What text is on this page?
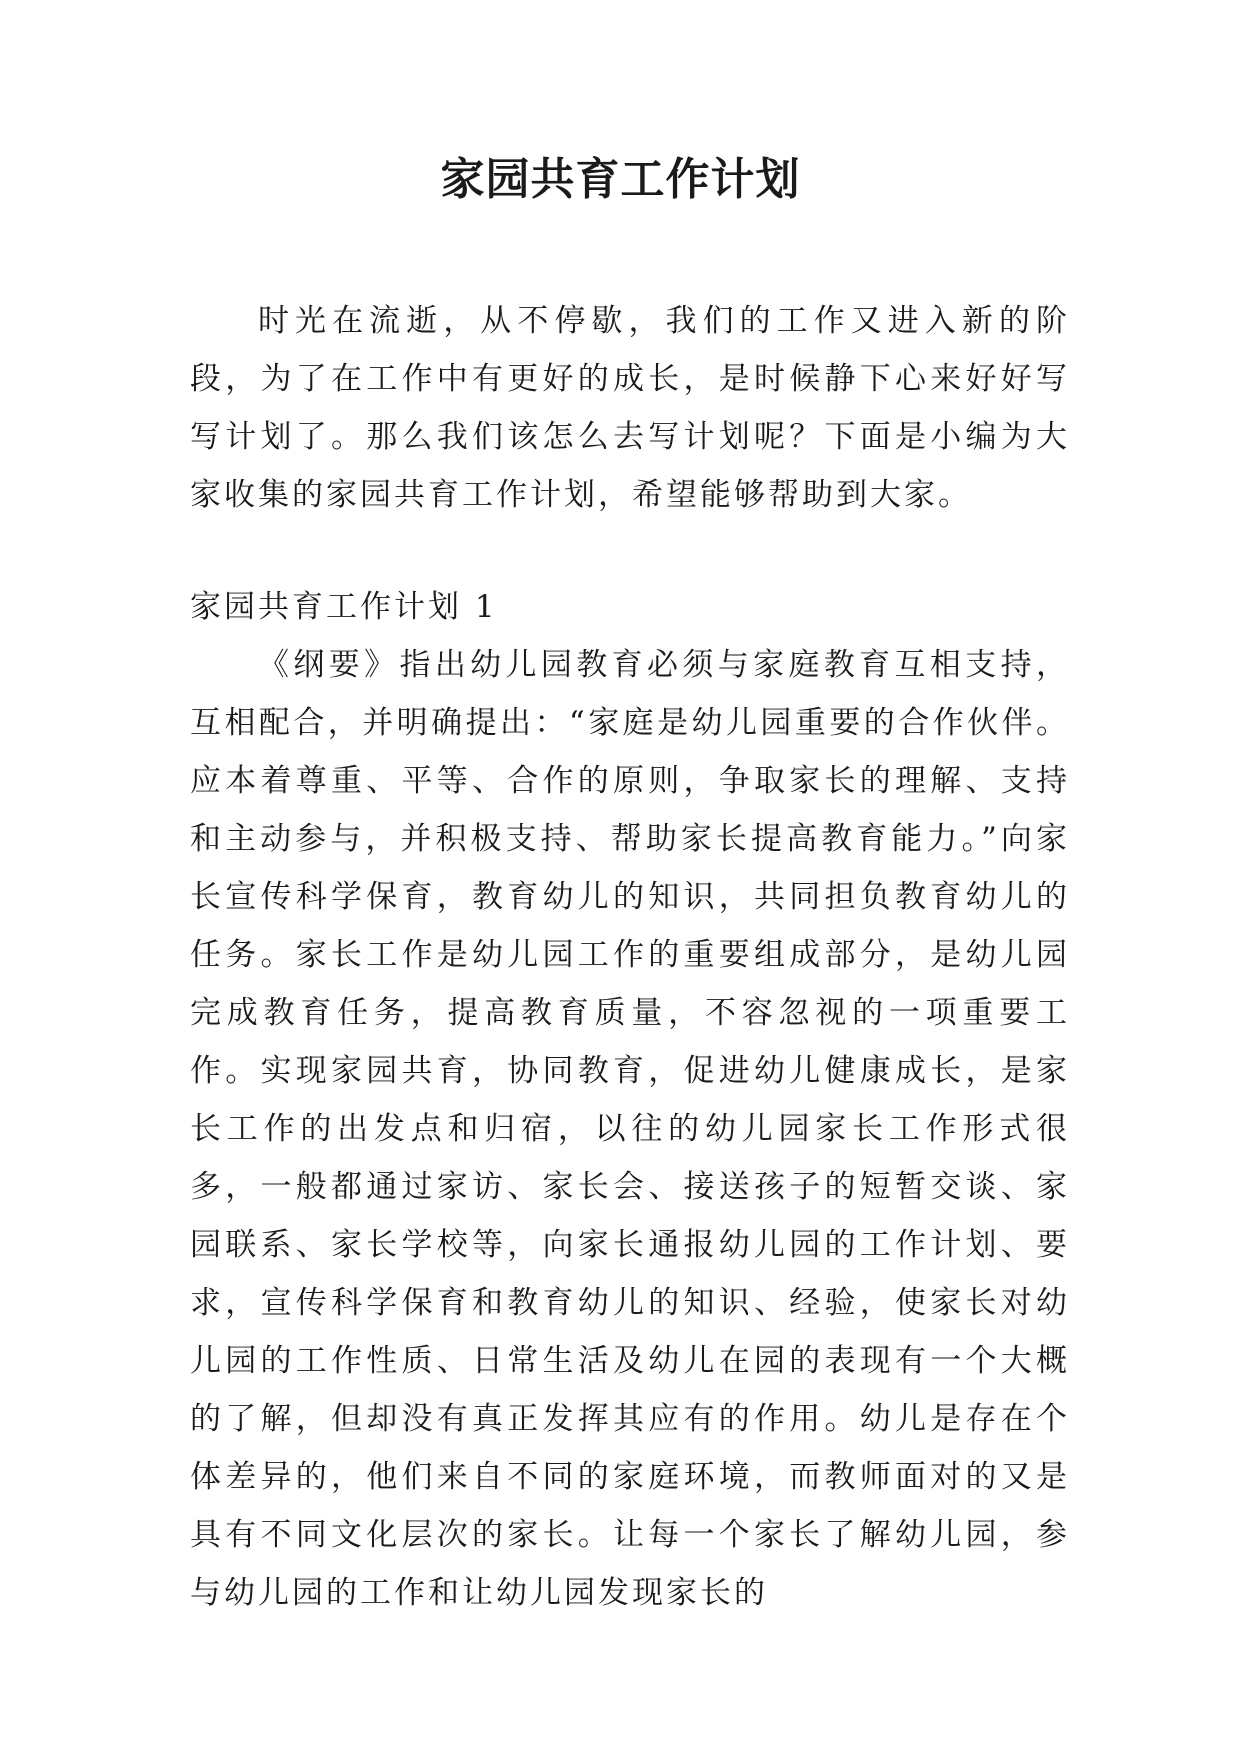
家园共育工作计划

时光在流逝，从不停歇，我们的工作又进入新的阶段，为了在工作中有更好的成长，是时候静下心来好好写写计划了。那么我们该怎么去写计划呢？下面是小编为大家收集的家园共育工作计划，希望能够帮助到大家。

家园共育工作计划 1

《纲要》指出幼儿园教育必须与家庭教育互相支持，互相配合，并明确提出：“家庭是幼儿园重要的合作伙伴。应本着尊重、平等、合作的原则，争取家长的理解、支持和主动参与，并积极支持、帮助家长提高教育能力。”向家长宣传科学保育，教育幼儿的知识，共同担负教育幼儿的任务。家长工作是幼儿园工作的重要组成部分，是幼儿园完成教育任务，提高教育质量，不容忽视的一项重要工作。实现家园共育，协同教育，促进幼儿健康成长，是家长工作的出发点和归宿，以往的幼儿园家长工作形式很多，一般都通过家访、家长会、接送孩子的短暂交谈、家园联系、家长学校等，向家长通报幼儿园的工作计划、要求，宣传科学保育和教育幼儿的知识、经验，使家长对幼儿园的工作性质、日常生活及幼儿在园的表现有一个大概的了解，但却没有真正发挥其应有的作用。幼儿是存在个体差异的，他们来自不同的家庭环境，而教师面对的又是具有不同文化层次的家长。让每一个家长了解幼儿园，参与幼儿园的工作和让幼儿园发现家长的
